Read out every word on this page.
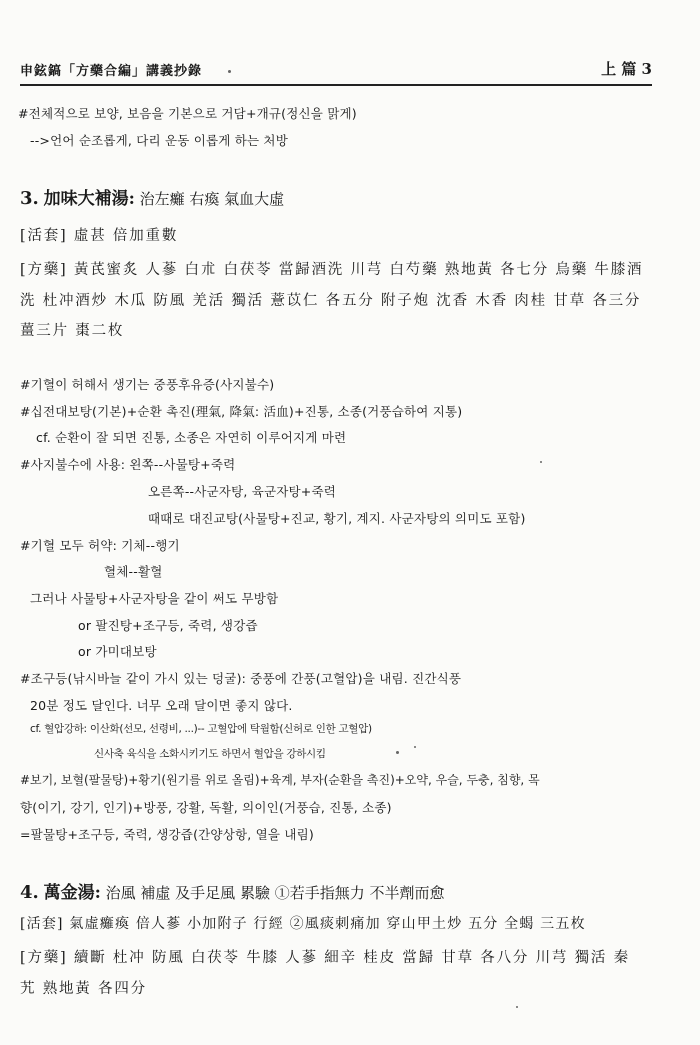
申鉉鎬「方藥合編」講義抄錄	上 篇 3
#전체적으로 보양, 보음을 기본으로 거담+개규(정신을 맑게)
-->언어 순조롭게, 다리 운동 이롭게 하는 처방
3. 加味大補湯: 治左癱 右瘓 氣血大虛
[活套] 虛甚 倍加重數
[方藥] 黃芪蜜炙 人蔘 白朮 白茯苓 當歸酒洗 川芎 白芍藥 熟地黃 各七分 烏藥 牛膝酒
洗 杜冲酒炒 木瓜 防風 羌活 獨活 薏苡仁 各五分 附子炮 沈香 木香 肉桂 甘草 各三分
薑三片 棗二枚
#기혈이 허해서 생기는 중풍후유증(사지불수)
#십전대보탕(기본)+순환 촉진(理氣, 降氣: 活血)+진통, 소종(거풍습하여 지통)
cf. 순환이 잘 되면 진통, 소종은 자연히 이루어지게 마련
#사지불수에 사용: 왼쪽--사물탕+죽력
오른쪽--사군자탕, 육군자탕+죽력
때때로 대진교탕(사물탕+진교, 황기, 계지. 사군자탕의 의미도 포함)
#기혈 모두 허약: 기체--행기
혈체--활혈
그러나 사물탕+사군자탕을 같이 써도 무방함
or 팔진탕+조구등, 죽력, 생강즙
or 가미대보탕
#조구등(낚시바늘 같이 가시 있는 덩굴): 중풍에 간풍(고혈압)을 내림. 진간식풍
20분 정도 달인다. 너무 오래 달이면 좋지 않다.
cf. 혈압강하: 이산화(선모, 선령비, ...)-- 고혈압에 탁월함(신허로 인한 고혈압)
신사축 육식을 소화시키기도 하면서 혈압을 강하시킴
#보기, 보혈(팔물탕)+황기(원기를 위로 올림)+육계, 부자(순환을 촉진)+오약, 우슬, 두충, 침향, 목
향(이기, 강기, 인기)+방풍, 강활, 독활, 의이인(거풍습, 진통, 소종)
=팔물탕+조구등, 죽력, 생강즙(간양상항, 열을 내림)
4. 萬金湯: 治風 補虛 及手足風 累驗 ①若手指無力 不半劑而愈
[活套] 氣虛癱瘓 倍人蔘 小加附子 行經 ②風痰刺痛加 穿山甲土炒 五分 全蝎 三五枚
[方藥] 續斷 杜冲 防風 白茯苓 牛膝 人蔘 細辛 桂皮 當歸 甘草 各八分 川芎 獨活 秦
艽 熟地黃 各四分
